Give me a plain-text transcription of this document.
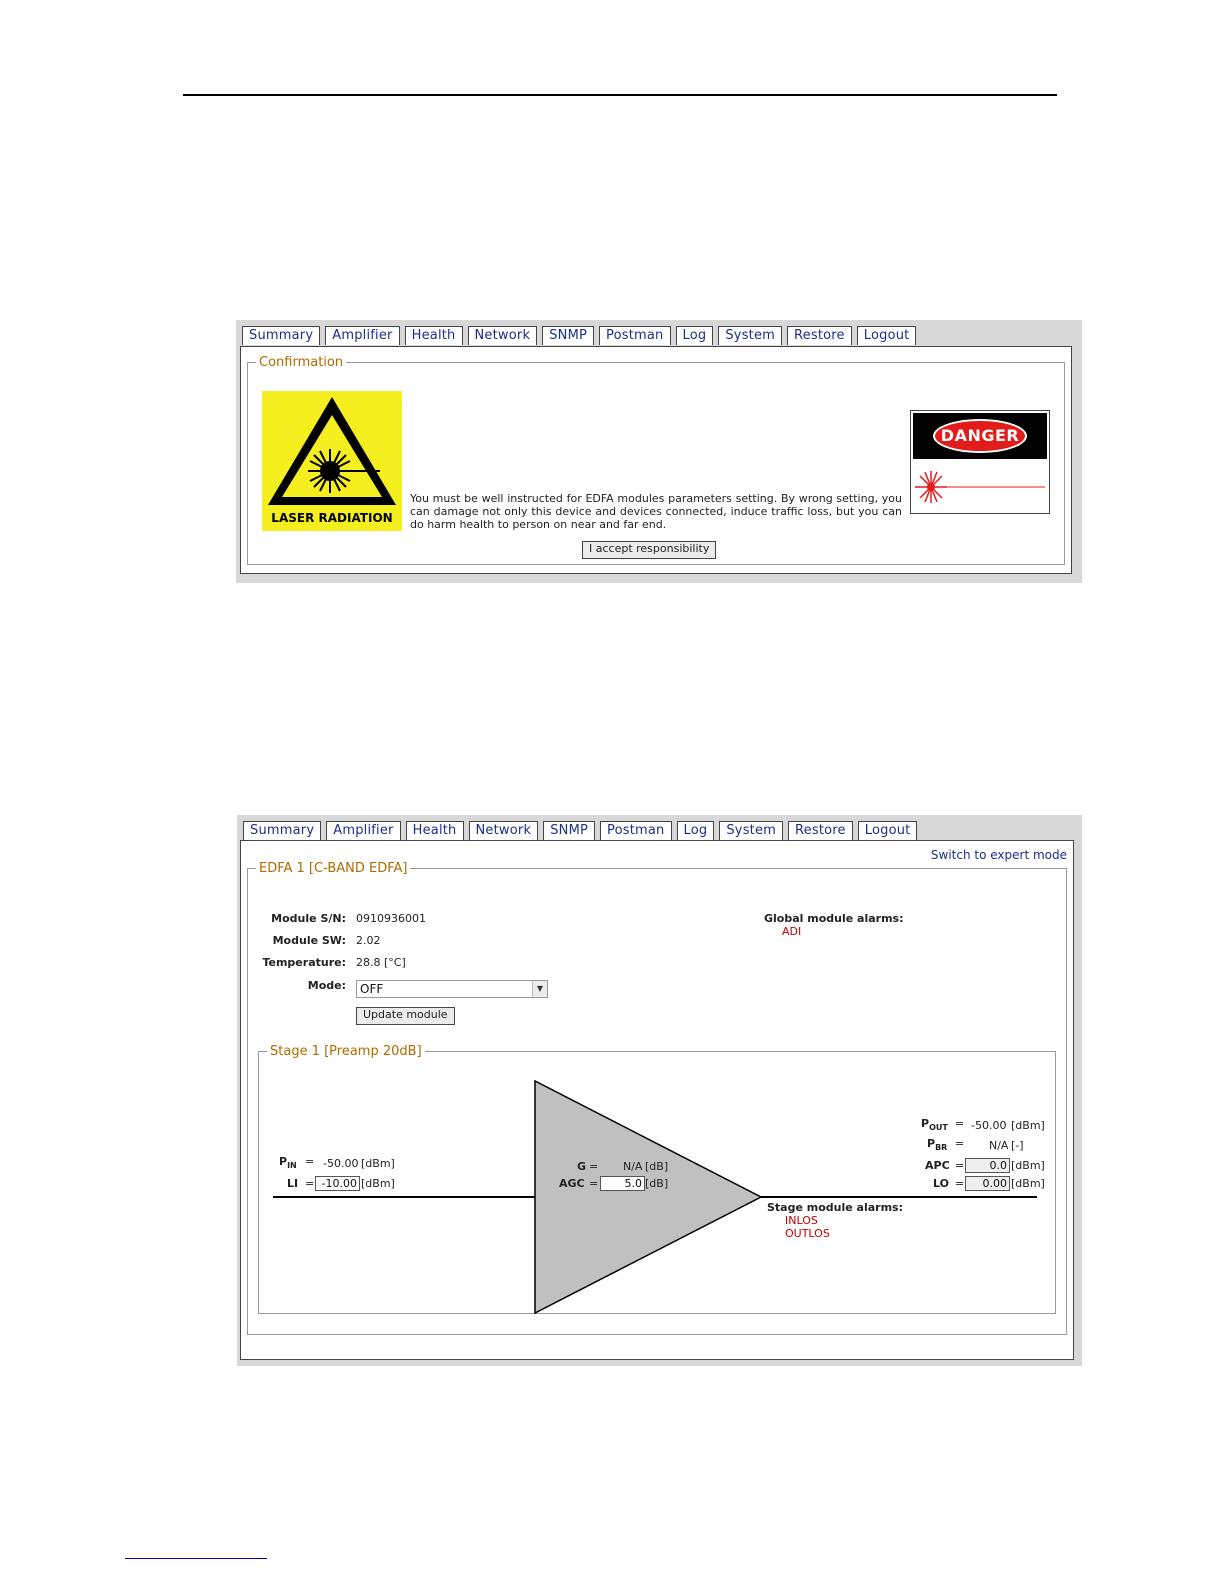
Summary	Amplifier	Health	Network	SNMP	Postman	Log	System	Restore	Logout
Confirmation
LASER RADIATION
You must be well instructed for EDFA modules parameters setting. By wrong setting, you can damage not only this device and devices connected, induce traffic loss, but you can do harm health to person on near and far end.
DANGER
I accept responsibility
Summary	Amplifier	Health	Network	SNMP	Postman	Log	System	Restore	Logout
Switch to expert mode
EDFA 1 [C-BAND EDFA]
Module S/N: 0910936001
Module SW: 2.02
Temperature: 28.8 [°C]
Mode:	OFF	▼
Update module
Global module alarms:
ADI
Stage 1 [Preamp 20dB]
$P_{IN} = -50.00$ [dBm]
LI = -10.00 [dBm]
G = N/A [dB]
AGC =	5.0 [dB]
$P_{OUT} = -50.00$ [dBm]
$P_{BR} = N/A$ [-]
APC =	0.0 [dBm]
LO =	0.00 [dBm]
Stage module alarms:
INLOS
OUTLOS
